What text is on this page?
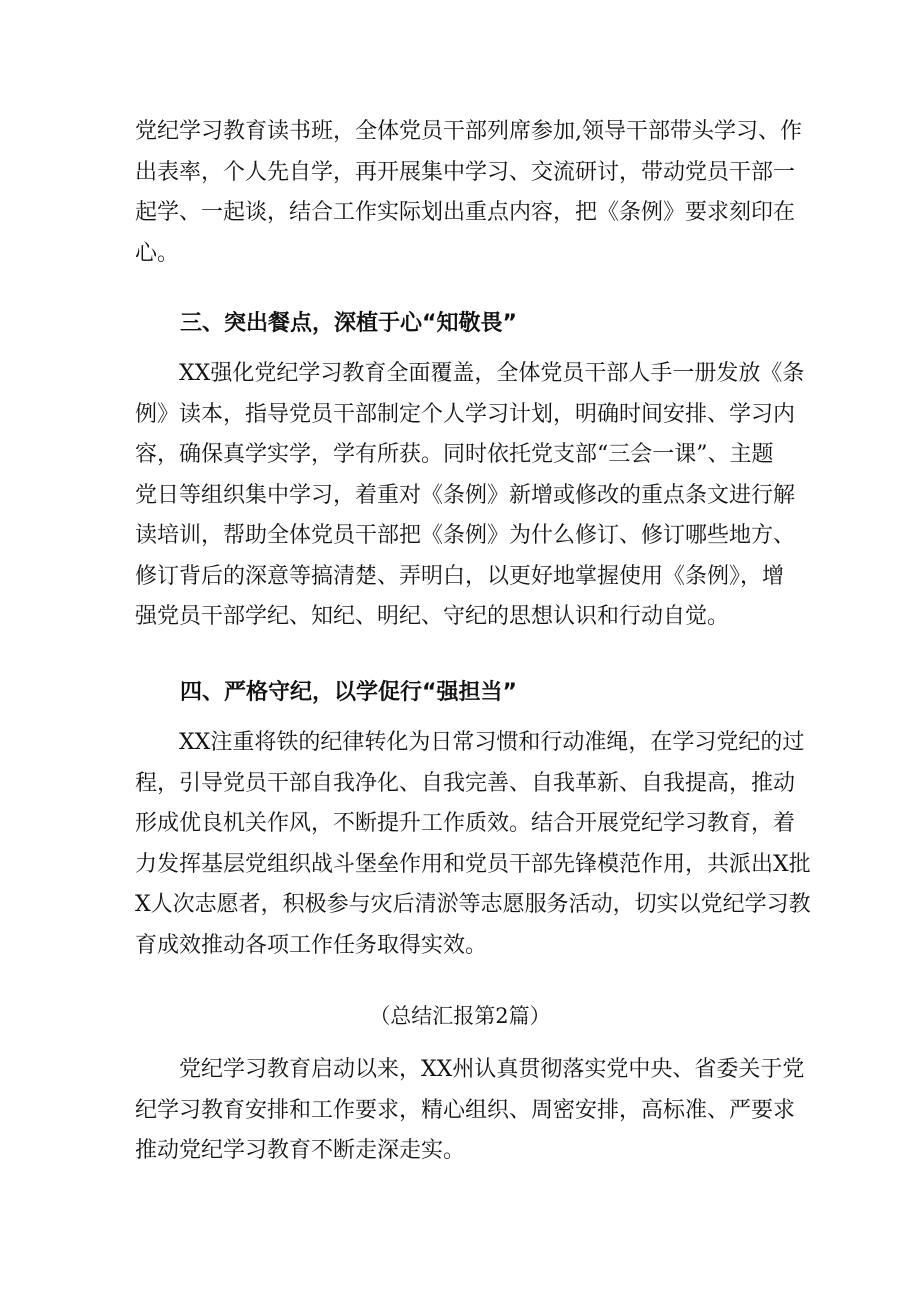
党纪学习教育读书班，全体党员干部列席参加,领导干部带头学习、作
出表率，个人先自学，再开展集中学习、交流研讨，带动党员干部一
起学、一起谈，结合工作实际划出重点内容，把《条例》要求刻印在
心。

三、突出餐点，深植于心“知敬畏”

XX强化党纪学习教育全面覆盖，全体党员干部人手一册发放《条
例》读本，指导党员干部制定个人学习计划，明确时间安排、学习内
容，确保真学实学，学有所获。同时依托党支部“三会一课”、主题
党日等组织集中学习，着重对《条例》新增或修改的重点条文进行解
读培训，帮助全体党员干部把《条例》为什么修订、修订哪些地方、
修订背后的深意等搞清楚、弄明白，以更好地掌握使用《条例》，增
强党员干部学纪、知纪、明纪、守纪的思想认识和行动自觉。

四、严格守纪，以学促行“强担当”

XX注重将铁的纪律转化为日常习惯和行动准绳，在学习党纪的过
程，引导党员干部自我净化、自我完善、自我革新、自我提高，推动
形成优良机关作风，不断提升工作质效。结合开展党纪学习教育，着
力发挥基层党组织战斗堡垒作用和党员干部先锋模范作用，共派出X批
X人次志愿者，积极参与灾后清淤等志愿服务活动，切实以党纪学习教
育成效推动各项工作任务取得实效。

（总结汇报第2篇）

党纪学习教育启动以来，XX州认真贯彻落实党中央、省委关于党
纪学习教育安排和工作要求，精心组织、周密安排，高标准、严要求
推动党纪学习教育不断走深走实。
